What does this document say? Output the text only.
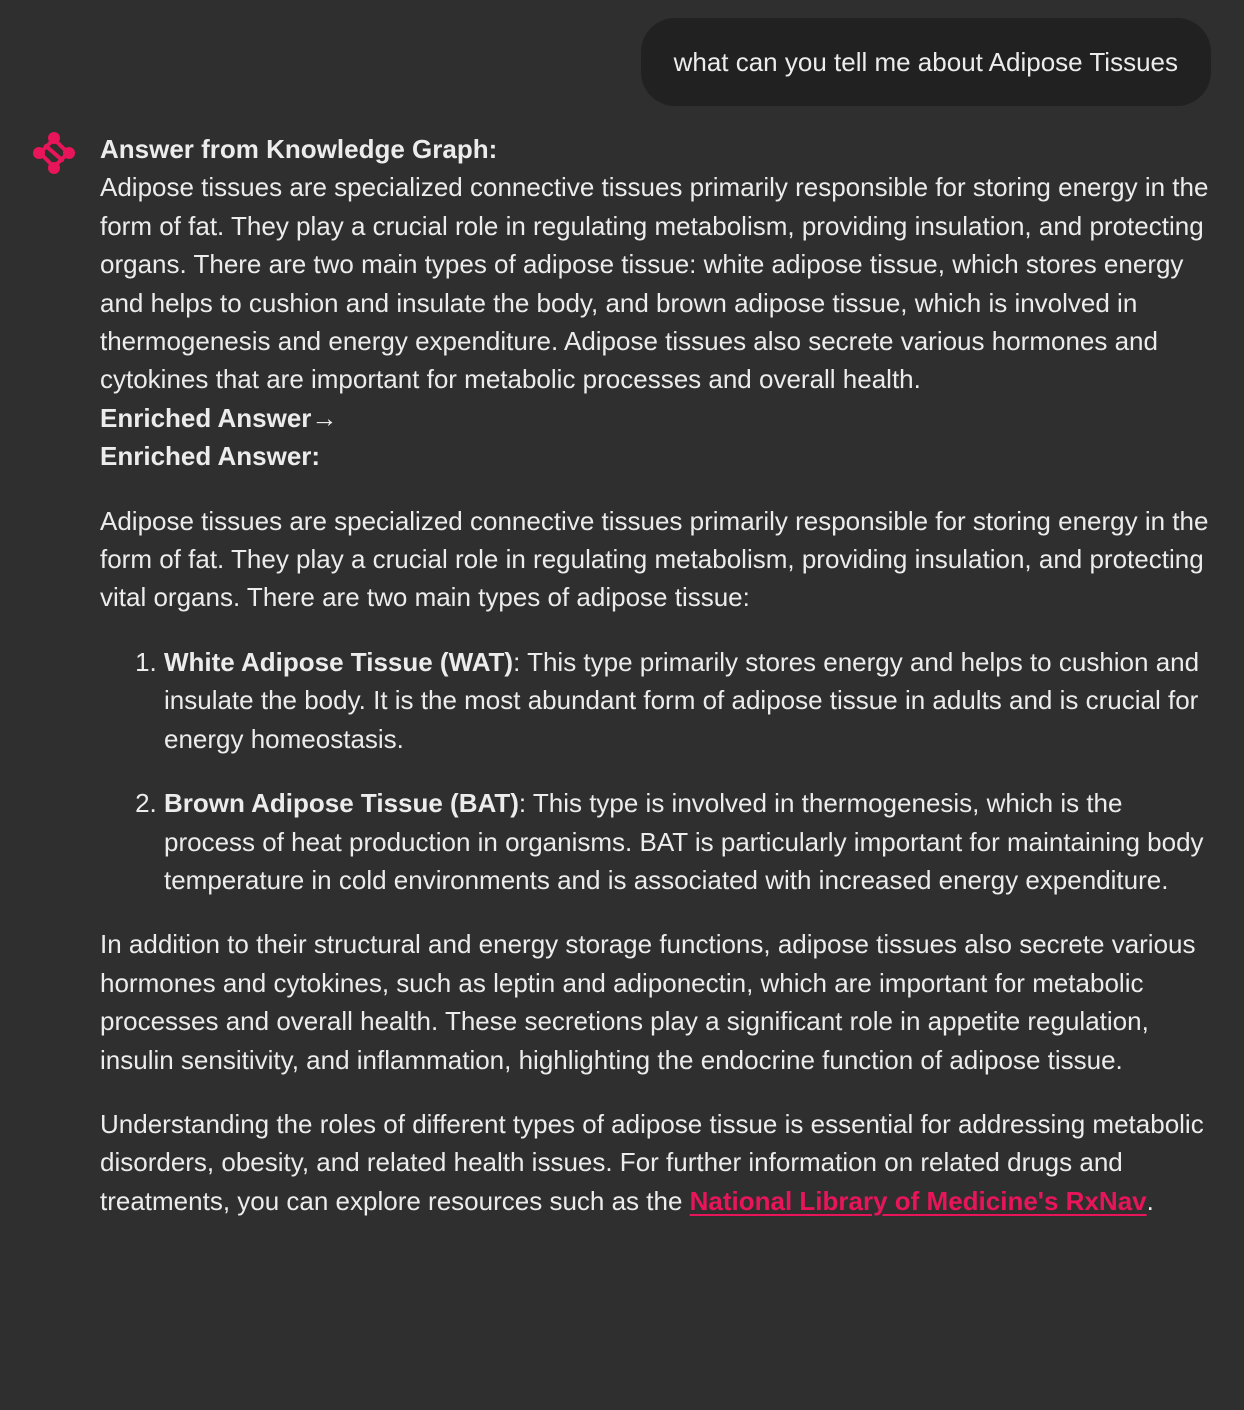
what can you tell me about Adipose Tissues

Answer from Knowledge Graph:
Adipose tissues are specialized connective tissues primarily responsible for storing energy in the form of fat. They play a crucial role in regulating metabolism, providing insulation, and protecting organs. There are two main types of adipose tissue: white adipose tissue, which stores energy and helps to cushion and insulate the body, and brown adipose tissue, which is involved in thermogenesis and energy expenditure. Adipose tissues also secrete various hormones and cytokines that are important for metabolic processes and overall health.

Enriched Answer→
Enriched Answer:

Adipose tissues are specialized connective tissues primarily responsible for storing energy in the form of fat. They play a crucial role in regulating metabolism, providing insulation, and protecting vital organs. There are two main types of adipose tissue:

1. White Adipose Tissue (WAT): This type primarily stores energy and helps to cushion and insulate the body. It is the most abundant form of adipose tissue in adults and is crucial for energy homeostasis.
2. Brown Adipose Tissue (BAT): This type is involved in thermogenesis, which is the process of heat production in organisms. BAT is particularly important for maintaining body temperature in cold environments and is associated with increased energy expenditure.

In addition to their structural and energy storage functions, adipose tissues also secrete various hormones and cytokines, such as leptin and adiponectin, which are important for metabolic processes and overall health. These secretions play a significant role in appetite regulation, insulin sensitivity, and inflammation, highlighting the endocrine function of adipose tissue.

Understanding the roles of different types of adipose tissue is essential for addressing metabolic disorders, obesity, and related health issues. For further information on related drugs and treatments, you can explore resources such as the National Library of Medicine's RxNav.
